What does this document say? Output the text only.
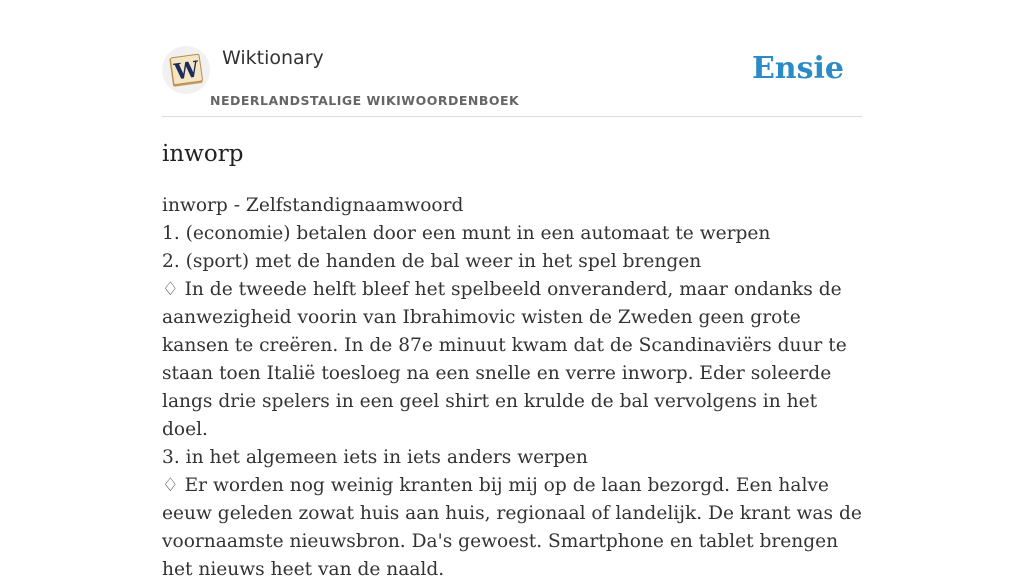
W Wiktionary
NEDERLANDSTALIGE WIKIWOORDENBOEK
Ensie
inworp

inworp - Zelfstandignaamwoord

1. (economie) betalen door een munt in een automaat te werpen

2. (sport) met de handen de bal weer in het spel brengen

♢ In de tweede helft bleef het spelbeeld onveranderd, maar ondanks de aanwezigheid voorin van Ibrahimovic wisten de Zweden geen grote kansen te creëren. In de 87e minuut kwam dat de Scandinaviërs duur te staan toen Italië toesloeg na een snelle en verre inworp. Eder soleerde langs drie spelers in een geel shirt en krulde de bal vervolgens in het doel.

3. in het algemeen iets in iets anders werpen

♢ Er worden nog weinig kranten bij mij op de laan bezorgd. Een halve eeuw geleden zowat huis aan huis, regionaal of landelijk. De krant was de voornaamste nieuwsbron. Da's gewoest. Smartphone en tablet brengen het nieuws heet van de naald.
